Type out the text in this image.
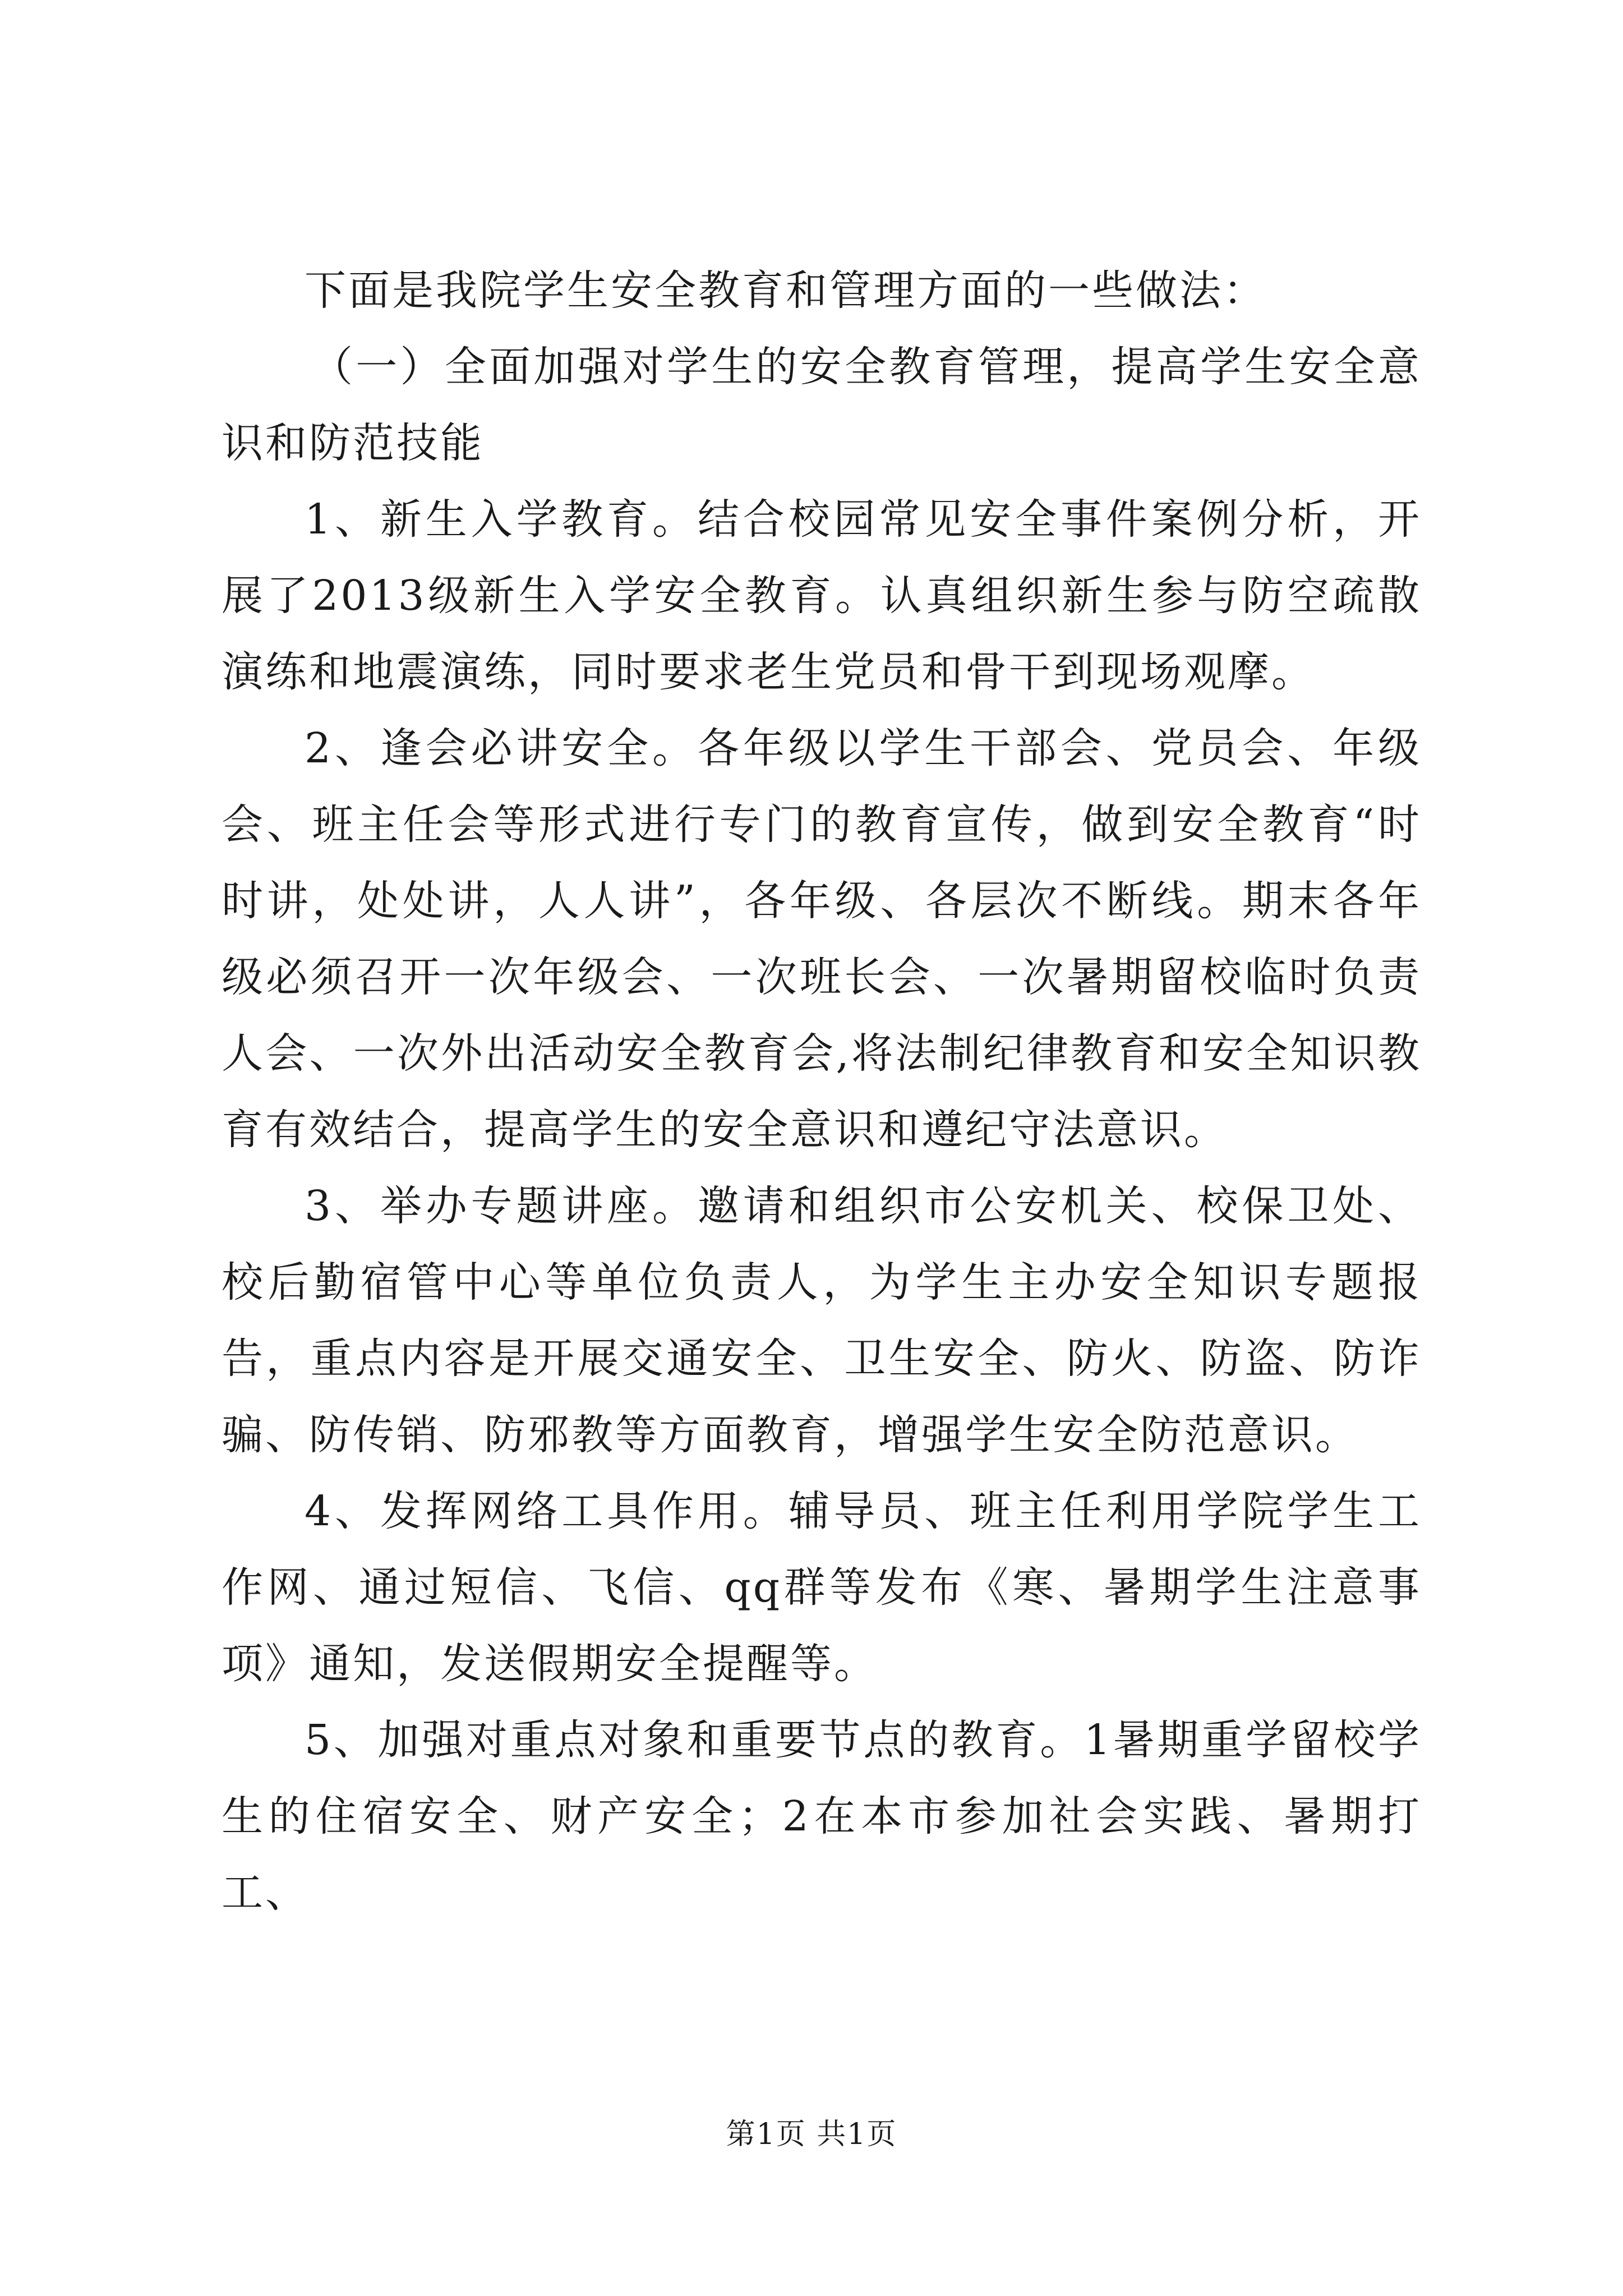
下面是我院学生安全教育和管理方面的一些做法：

（一）全面加强对学生的安全教育管理，提高学生安全意识和防范技能

1、新生入学教育。结合校园常见安全事件案例分析，开展了2013级新生入学安全教育。认真组织新生参与防空疏散演练和地震演练，同时要求老生党员和骨干到现场观摩。

2、逢会必讲安全。各年级以学生干部会、党员会、年级会、班主任会等形式进行专门的教育宣传，做到安全教育“时时讲，处处讲，人人讲”，各年级、各层次不断线。期末各年级必须召开一次年级会、一次班长会、一次暑期留校临时负责人会、一次外出活动安全教育会,将法制纪律教育和安全知识教育有效结合，提高学生的安全意识和遵纪守法意识。

3、举办专题讲座。邀请和组织市公安机关、校保卫处、校后勤宿管中心等单位负责人，为学生主办安全知识专题报告，重点内容是开展交通安全、卫生安全、防火、防盗、防诈骗、防传销、防邪教等方面教育，增强学生安全防范意识。

4、发挥网络工具作用。辅导员、班主任利用学院学生工作网、通过短信、飞信、qq群等发布《寒、暑期学生注意事项》通知，发送假期安全提醒等。

5、加强对重点对象和重要节点的教育。1暑期重学留校学生的住宿安全、财产安全；2在本市参加社会实践、暑期打工、

第1页 共1页
